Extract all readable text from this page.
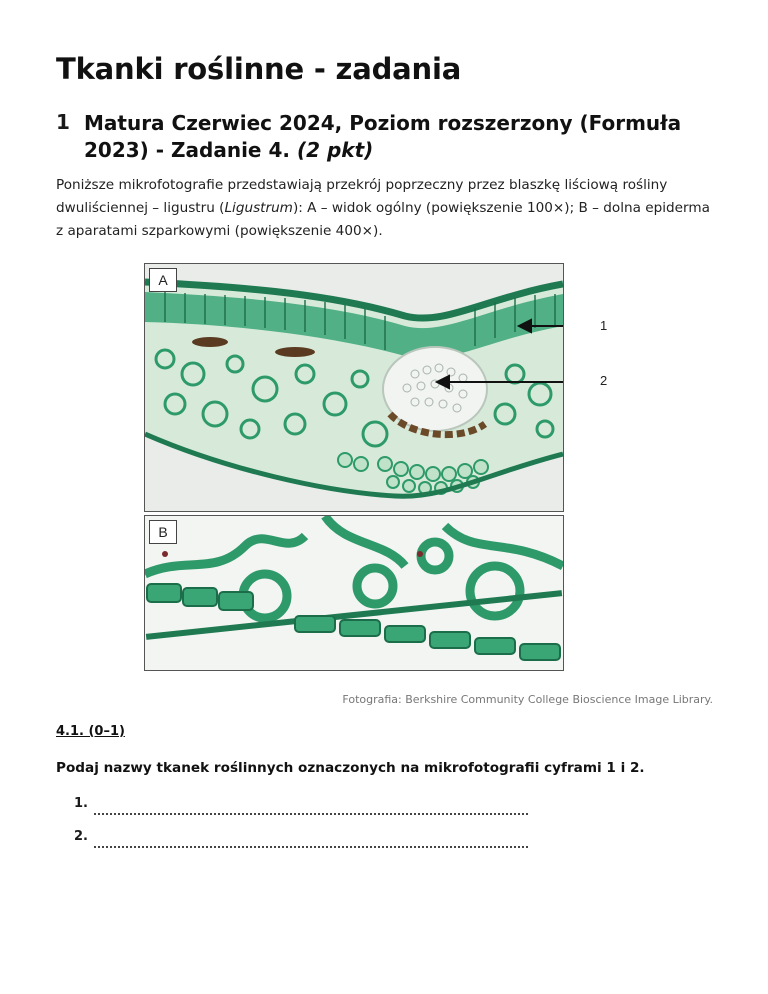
Tkanki roślinne - zadania
1 Matura Czerwiec 2024, Poziom rozszerzony (Formuła 2023) - Zadanie 4. (2 pkt)

Poniższe mikrofotografie przedstawiają przekrój poprzeczny przez blaszkę liściową rośliny dwuliściennej – ligustru (Ligustrum): A – widok ogólny (powiększenie 100×); B – dolna epiderma z aparatami szparkowymi (powiększenie 400×).

A
1
2
B
Fotografia: Berkshire Community College Bioscience Image Library.
4.1. (0–1)

Podaj nazwy tkanek roślinnych oznaczonych na mikrofotografii cyframi 1 i 2.

1.
2.
